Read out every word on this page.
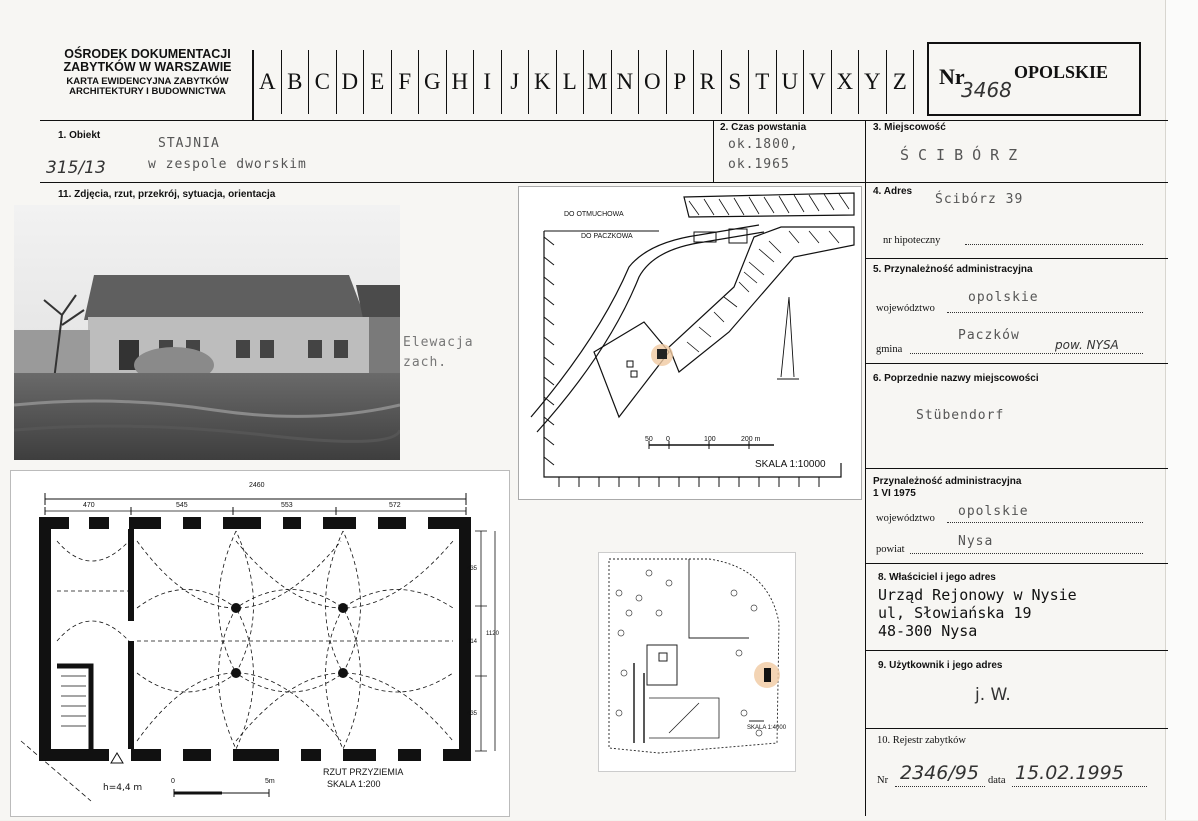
OŚRODEK DOKUMENTACJI
ZABYTKÓW W WARSZAWIE
KARTA EWIDENCYJNA ZABYTKÓW
ARCHITEKTURY I BUDOWNICTWA	A B C D E F G H I J K L M N O P R S T U V X Y Z	Nr
3468
OPOLSKIE
1. Obiekt
STAJNIA
w zespole dworskim
315/13
2. Czas powstania
ok.1800,
ok.1965
3. Miejscowość
ŚCIBÓRZ
11. Zdjęcia, rzut, przekrój, sytuacja, orientacja
Elewacja
zach.
DO OTMUCHOWA
DO PACZKOWA
50 0	100	200 m
SKALA 1:10000
2460
470	545	553	572
435
314
1120
435
h=4,4 m
0	5m
RZUT PRZYZIEMIA
SKALA 1:200
SKALA 1:4000
4. Adres
Ścibórz 39
nr hipoteczny
5. Przynależność administracyjna
województwo
opolskie
gmina
Paczków
pow. NYSA
6. Poprzednie nazwy miejscowości
Stübendorf
Przynależność administracyjna
1 VI 1975
województwo opolskie
powiat
Nysa
8. Właściciel i jego adres
Urząd Rejonowy w Nysie
ul, Słowiańska 19
48-300 Nysa
9. Użytkownik i jego adres
j. W.
10. Rejestr zabytków
Nr 2346/95 data 15.02.1995
